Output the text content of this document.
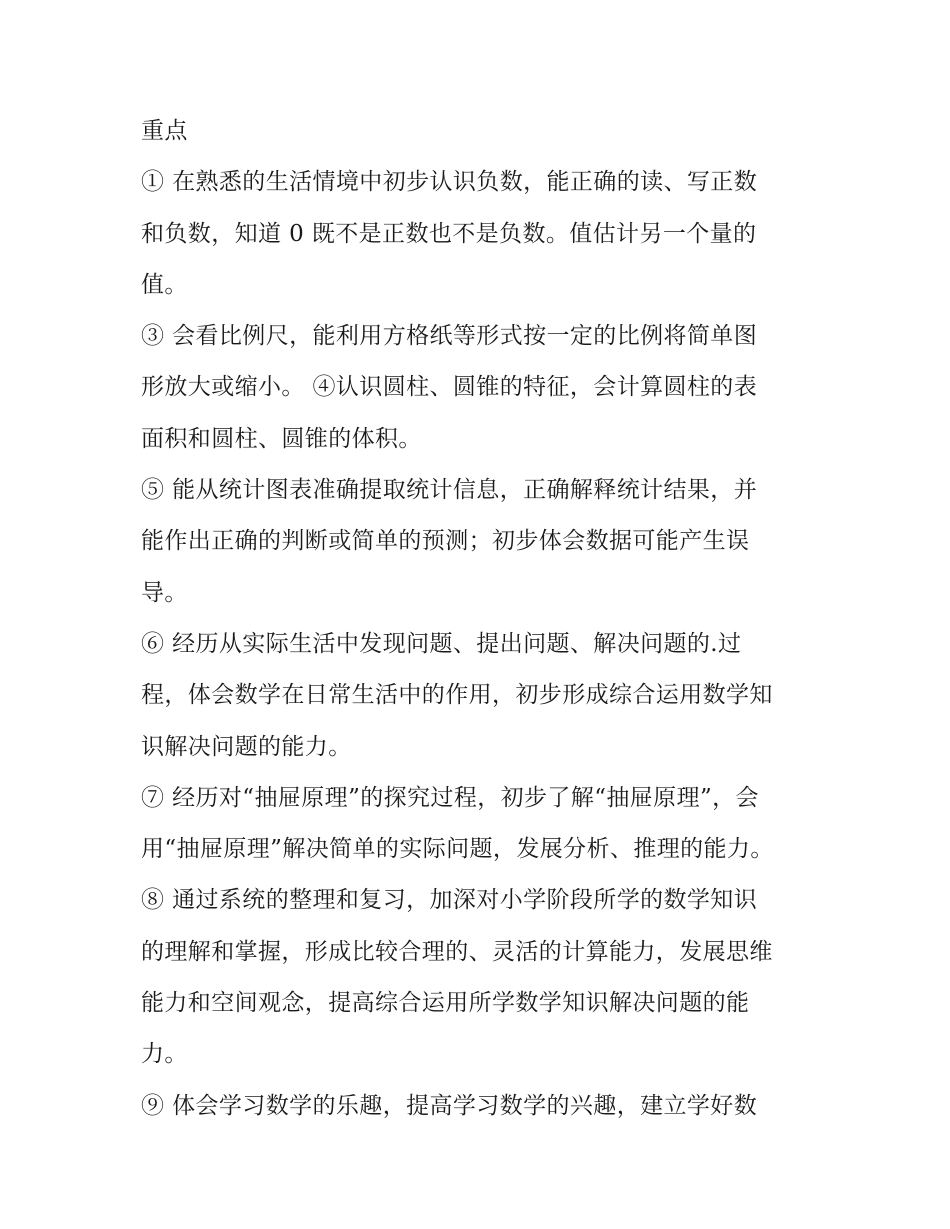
重点

① 在熟悉的生活情境中初步认识负数，能正确的读、写正数
和负数，知道 0 既不是正数也不是负数。值估计另一个量的
值。

③ 会看比例尺，能利用方格纸等形式按一定的比例将简单图
形放大或缩小。 ④认识圆柱、圆锥的特征，会计算圆柱的表
面积和圆柱、圆锥的体积。

⑤ 能从统计图表准确提取统计信息，正确解释统计结果，并
能作出正确的判断或简单的预测；初步体会数据可能产生误
导。

⑥ 经历从实际生活中发现问题、提出问题、解决问题的.过
程，体会数学在日常生活中的作用，初步形成综合运用数学知
识解决问题的能力。

⑦ 经历对“抽屉原理”的探究过程，初步了解“抽屉原理”，会
用“抽屉原理”解决简单的实际问题，发展分析、推理的能力。

⑧ 通过系统的整理和复习，加深对小学阶段所学的数学知识
的理解和掌握，形成比较合理的、灵活的计算能力，发展思维
能力和空间观念，提高综合运用所学数学知识解决问题的能
力。

⑨ 体会学习数学的乐趣，提高学习数学的兴趣，建立学好数
